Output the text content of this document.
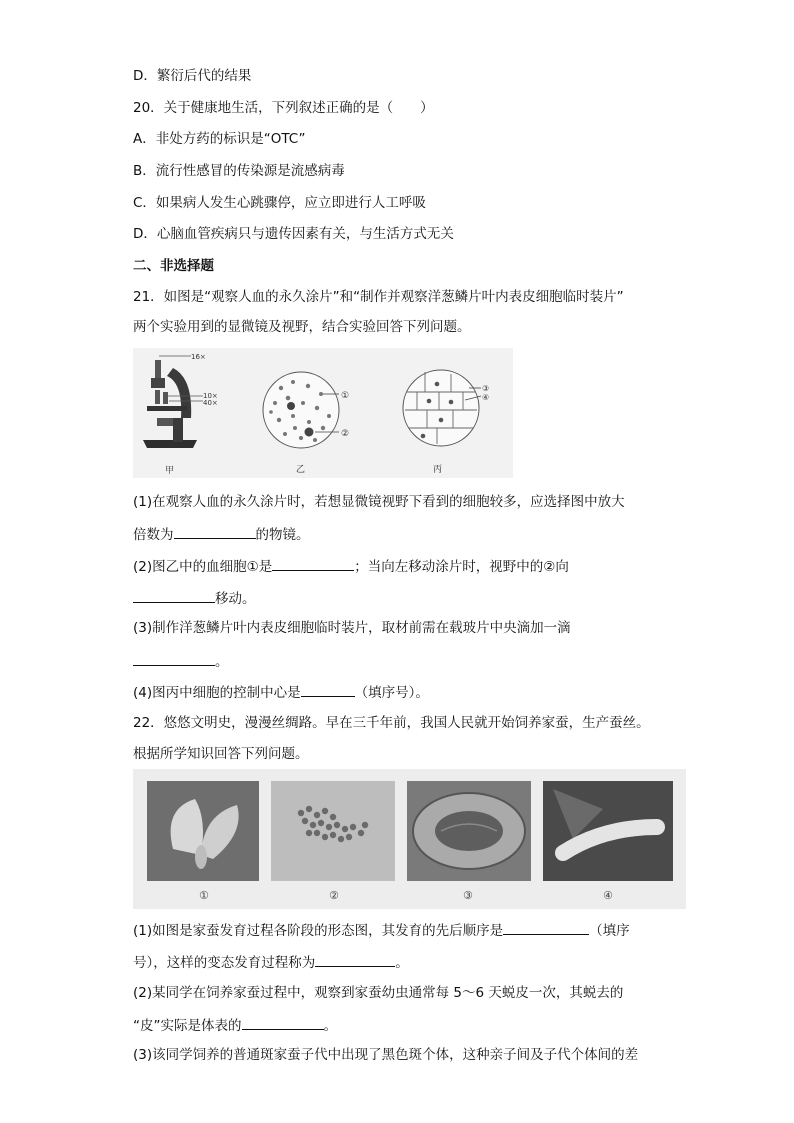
D．繁衍后代的结果
20．关于健康地生活，下列叙述正确的是（　　）
A．非处方药的标识是“OTC”
B．流行性感冒的传染源是流感病毒
C．如果病人发生心跳骤停，应立即进行人工呼吸
D．心脑血管疾病只与遗传因素有关，与生活方式无关
二、非选择题
21．如图是“观察人血的永久涂片”和“制作并观察洋葱鳞片叶内表皮细胞临时装片”
两个实验用到的显微镜及视野，结合实验回答下列问题。
16×
10×
40×
甲
①
②
乙
③
④
丙
(1)在观察人血的永久涂片时，若想显微镜视野下看到的细胞较多，应选择图中放大
倍数为	的物镜。
(2)图乙中的血细胞①是	；当向左移动涂片时，视野中的②向
移动。
(3)制作洋葱鳞片叶内表皮细胞临时装片，取材前需在载玻片中央滴加一滴
。
(4)图丙中细胞的控制中心是	（填序号）。
22．悠悠文明史，漫漫丝绸路。早在三千年前，我国人民就开始饲养家蚕，生产蚕丝。
根据所学知识回答下列问题。
①	②	③	④
(1)如图是家蚕发育过程各阶段的形态图，其发育的先后顺序是	（填序
号），这样的变态发育过程称为	。
(2)某同学在饲养家蚕过程中，观察到家蚕幼虫通常每 5～6 天蜕皮一次，其蜕去的
“皮”实际是体表的	。
(3)该同学饲养的普通斑家蚕子代中出现了黑色斑个体，这种亲子间及子代个体间的差
